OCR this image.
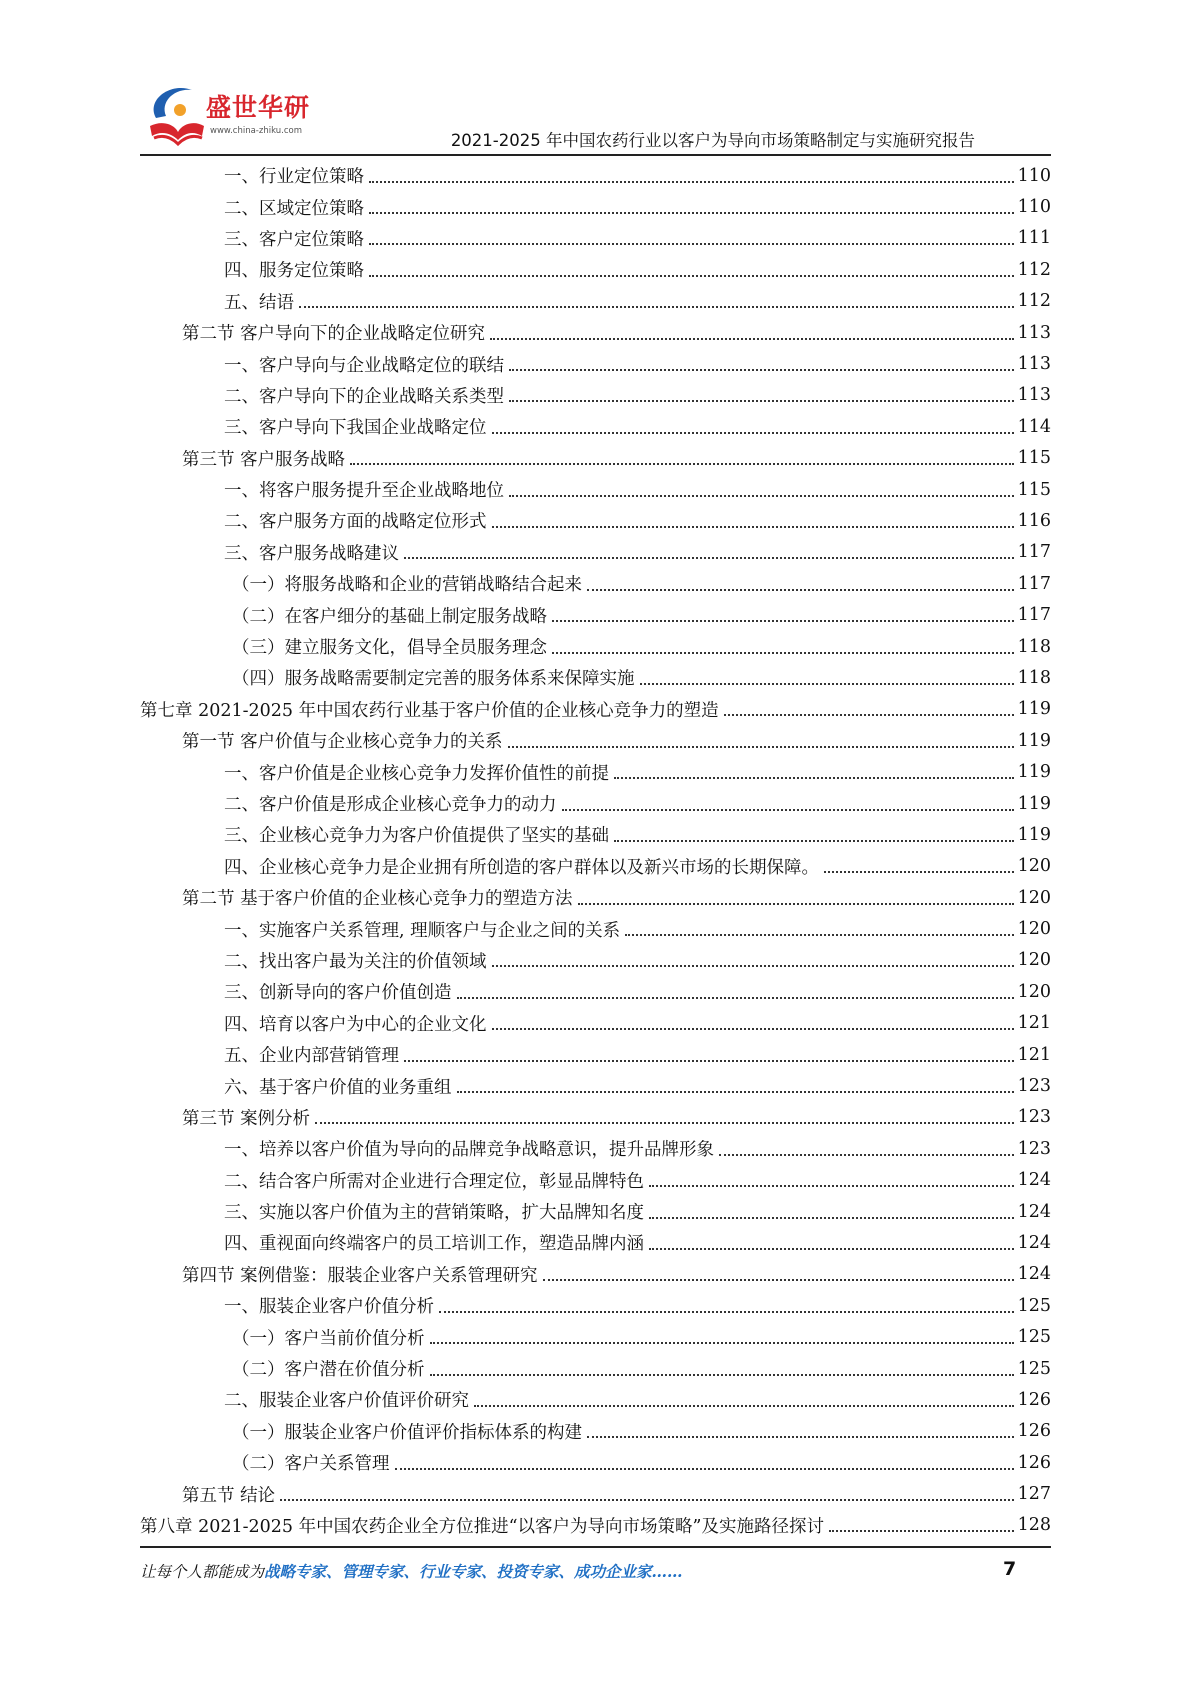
盛世华研
www.china-zhiku.com	2021-2025 年中国农药行业以客户为导向市场策略制定与实施研究报告
一、行业定位策略	110
二、区域定位策略	110
三、客户定位策略	111
四、服务定位策略	112
五、结语	112
第二节 客户导向下的企业战略定位研究	113
一、客户导向与企业战略定位的联结	113
二、客户导向下的企业战略关系类型	113
三、客户导向下我国企业战略定位	114
第三节 客户服务战略	115
一、将客户服务提升至企业战略地位	115
二、客户服务方面的战略定位形式	116
三、客户服务战略建议	117
（一）将服务战略和企业的营销战略结合起来	117
（二）在客户细分的基础上制定服务战略	117
（三）建立服务文化，倡导全员服务理念	118
（四）服务战略需要制定完善的服务体系来保障实施	118
第七章 2021-2025 年中国农药行业基于客户价值的企业核心竞争力的塑造	119
第一节 客户价值与企业核心竞争力的关系	119
一、客户价值是企业核心竞争力发挥价值性的前提	119
二、客户价值是形成企业核心竞争力的动力	119
三、企业核心竞争力为客户价值提供了坚实的基础	119
四、企业核心竞争力是企业拥有所创造的客户群体以及新兴市场的长期保障。	120
第二节 基于客户价值的企业核心竞争力的塑造方法	120
一、实施客户关系管理, 理顺客户与企业之间的关系	120
二、找出客户最为关注的价值领域	120
三、创新导向的客户价值创造	120
四、培育以客户为中心的企业文化	121
五、企业内部营销管理	121
六、基于客户价值的业务重组	123
第三节 案例分析	123
一、培养以客户价值为导向的品牌竞争战略意识，提升品牌形象	123
二、结合客户所需对企业进行合理定位，彰显品牌特色	124
三、实施以客户价值为主的营销策略，扩大品牌知名度	124
四、重视面向终端客户的员工培训工作，塑造品牌内涵	124
第四节 案例借鉴：服装企业客户关系管理研究	124
一、服装企业客户价值分析	125
（一）客户当前价值分析	125
（二）客户潜在价值分析	125
二、服装企业客户价值评价研究	126
（一）服装企业客户价值评价指标体系的构建	126
（二）客户关系管理	126
第五节 结论	127
第八章 2021-2025 年中国农药企业全方位推进“以客户为导向市场策略”及实施路径探讨	128
让每个人都能成为战略专家、管理专家、行业专家、投资专家、成功企业家……	7
